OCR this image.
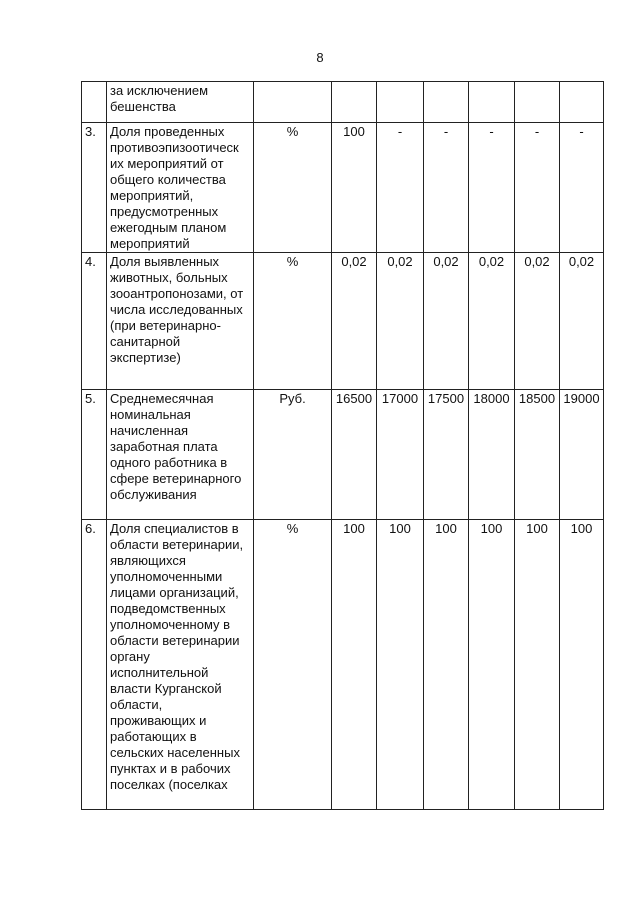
8
	за исключением бешенства							
3.	Доля проведенных противоэпизоотическ их мероприятий от общего количества мероприятий, предусмотренных ежегодным планом мероприятий	%	100	-	-	-	-	-
4.	Доля выявленных животных, больных зооантропонозами, от числа исследованных (при ветеринарно-санитарной экспертизе)	%	0,02	0,02	0,02	0,02	0,02	0,02
5.	Среднемесячная номинальная начисленная заработная плата одного работника в сфере ветеринарного обслуживания	Руб.	16500	17000	17500	18000	18500	19000
6.	Доля специалистов в области ветеринарии, являющихся уполномоченными лицами организаций, подведомственных уполномоченному в области ветеринарии органу исполнительной власти Курганской области, проживающих и работающих в сельских населенных пунктах и в рабочих поселках (поселках	%	100	100	100	100	100	100
